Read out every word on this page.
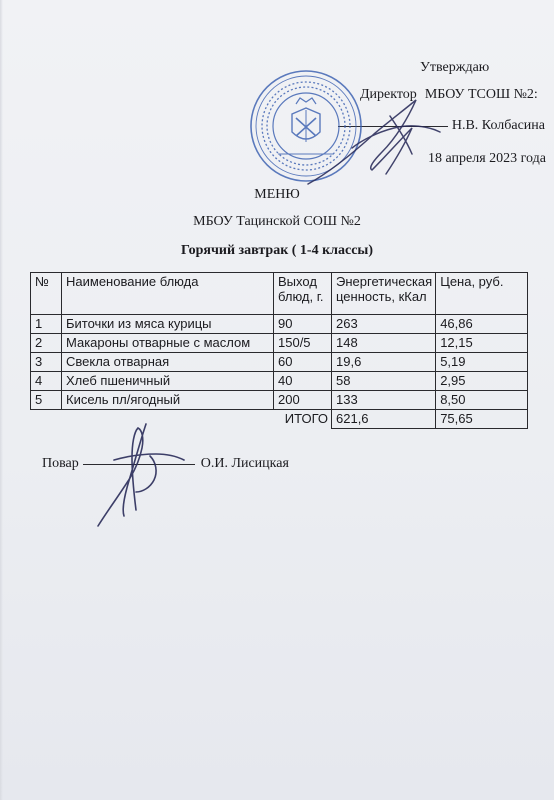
Утверждаю
Директор МБОУ ТСОШ №2:
Н.В. Колбасина
18 апреля 2023 года
МЕНЮ
МБОУ Тацинской СОШ №2
Горячий завтрак ( 1-4 классы)
№	Наименование блюда	Выход блюд, г.	Энергетическая ценность, кКал	Цена, руб.
1	Биточки из мяса курицы	90	263	46,86
2	Макароны отварные с маслом	150/5	148	12,15
3	Свекла отварная	60	19,6	5,19
4	Хлеб пшеничный	40	58	2,95
5	Кисель пл/ягодный	200	133	8,50
		ИТОГО	621,6	75,65
Повар	О.И. Лисицкая
